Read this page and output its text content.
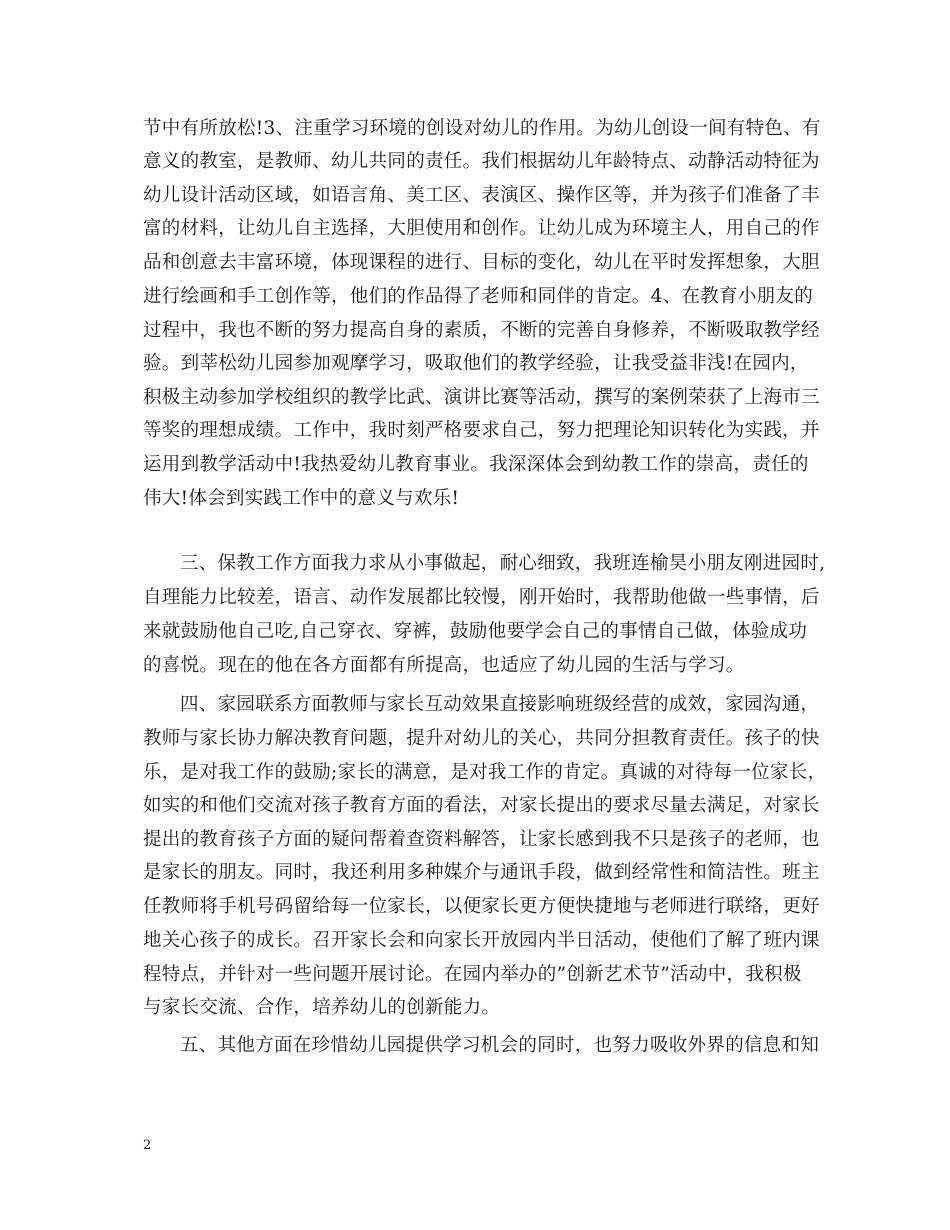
节中有所放松!3、注重学习环境的创设对幼儿的作用。为幼儿创设一间有特色、有
意义的教室，是教师、幼儿共同的责任。我们根据幼儿年龄特点、动静活动特征为
幼儿设计活动区域，如语言角、美工区、表演区、操作区等，并为孩子们准备了丰
富的材料，让幼儿自主选择，大胆使用和创作。让幼儿成为环境主人，用自己的作
品和创意去丰富环境，体现课程的进行、目标的变化，幼儿在平时发挥想象，大胆
进行绘画和手工创作等，他们的作品得了老师和同伴的肯定。4、在教育小朋友的
过程中，我也不断的努力提高自身的素质，不断的完善自身修养，不断吸取教学经
验。到莘松幼儿园参加观摩学习，吸取他们的教学经验，让我受益非浅!在园内，
积极主动参加学校组织的教学比武、演讲比赛等活动，撰写的案例荣获了上海市三
等奖的理想成绩。工作中，我时刻严格要求自己，努力把理论知识转化为实践，并
运用到教学活动中!我热爱幼儿教育事业。我深深体会到幼教工作的崇高，责任的
伟大!体会到实践工作中的意义与欢乐!
三、保教工作方面我力求从小事做起，耐心细致，我班连榆昊小朋友刚进园时,
自理能力比较差，语言、动作发展都比较慢，刚开始时，我帮助他做一些事情，后
来就鼓励他自己吃,自己穿衣、穿裤，鼓励他要学会自己的事情自己做，体验成功
的喜悦。现在的他在各方面都有所提高，也适应了幼儿园的生活与学习。
四、家园联系方面教师与家长互动效果直接影响班级经营的成效，家园沟通，
教师与家长协力解决教育问题，提升对幼儿的关心，共同分担教育责任。孩子的快
乐，是对我工作的鼓励;家长的满意，是对我工作的肯定。真诚的对待每一位家长，
如实的和他们交流对孩子教育方面的看法，对家长提出的要求尽量去满足，对家长
提出的教育孩子方面的疑问帮着查资料解答，让家长感到我不只是孩子的老师，也
是家长的朋友。同时，我还利用多种媒介与通讯手段，做到经常性和简洁性。班主
任教师将手机号码留给每一位家长，以便家长更方便快捷地与老师进行联络，更好
地关心孩子的成长。召开家长会和向家长开放园内半日活动，使他们了解了班内课
程特点，并针对一些问题开展讨论。在园内举办的”创新艺术节”活动中，我积极
与家长交流、合作，培养幼儿的创新能力。
五、其他方面在珍惜幼儿园提供学习机会的同时，也努力吸收外界的信息和知
2
